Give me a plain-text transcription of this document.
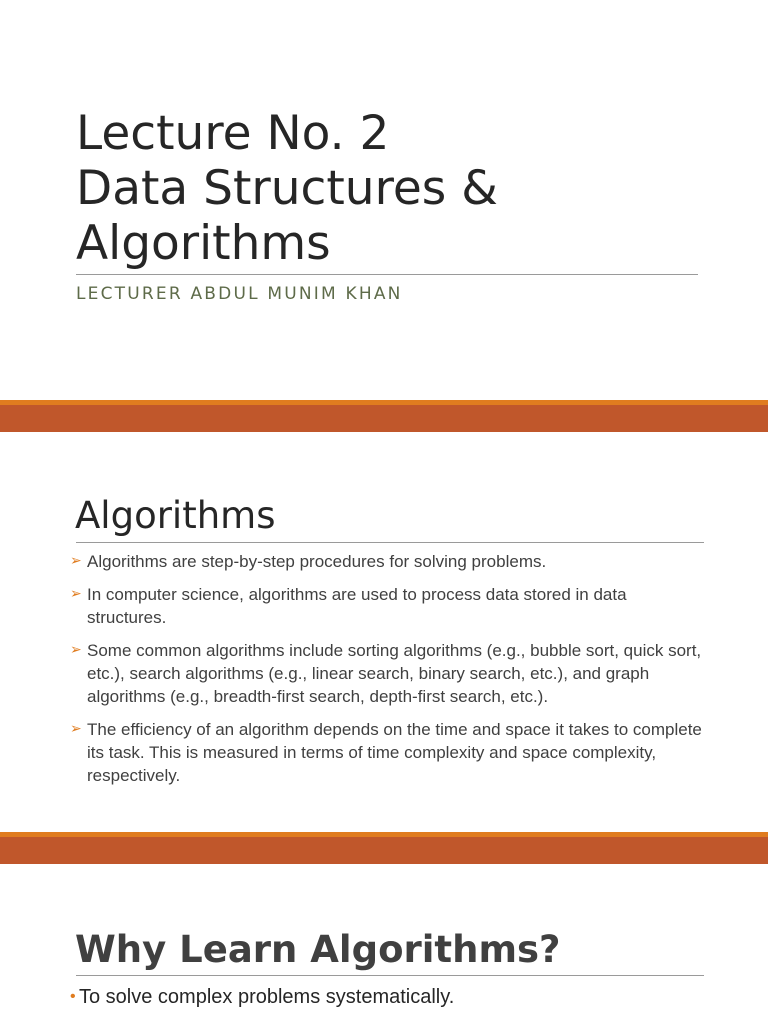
Lecture No. 2
Data Structures &
Algorithms
LECTURER ABDUL MUNIM KHAN
Algorithms
➢ Algorithms are step-by-step procedures for solving problems.
➢ In computer science, algorithms are used to process data stored in data structures.
➢ Some common algorithms include sorting algorithms (e.g., bubble sort, quick sort, etc.), search algorithms (e.g., linear search, binary search, etc.), and graph algorithms (e.g., breadth-first search, depth-first search, etc.).
➢ The efficiency of an algorithm depends on the time and space it takes to complete its task. This is measured in terms of time complexity and space complexity, respectively.
Why Learn Algorithms?
• To solve complex problems systematically.
